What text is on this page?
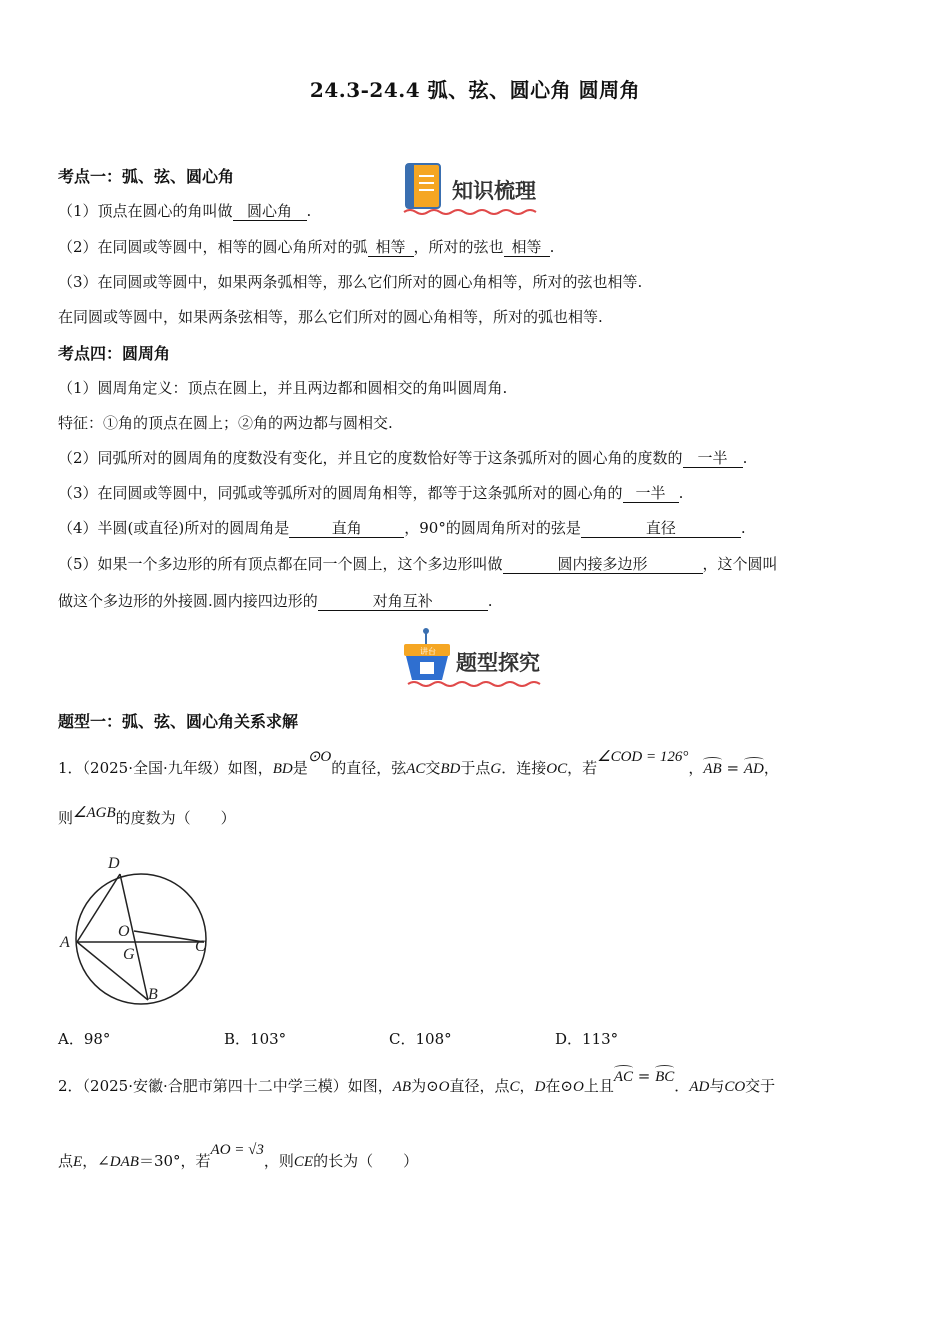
24.3-24.4 弧、弦、圆心角 圆周角
考点一：弧、弦、圆心角
知识梳理
（1）顶点在圆心的角叫做 圆心角 .
（2）在同圆或等圆中，相等的圆心角所对的弧 相等 ，所对的弦也 相等 .
（3）在同圆或等圆中，如果两条弧相等，那么它们所对的圆心角相等，所对的弦也相等.
在同圆或等圆中，如果两条弦相等，那么它们所对的圆心角相等，所对的弧也相等.
考点四：圆周角
（1）圆周角定义：顶点在圆上，并且两边都和圆相交的角叫圆周角.
特征：①角的顶点在圆上；②角的两边都与圆相交.
（2）同弧所对的圆周角的度数没有变化，并且它的度数恰好等于这条弧所对的圆心角的度数的 一半 .
（3）在同圆或等圆中，同弧或等弧所对的圆周角相等，都等于这条弧所对的圆心角的 一半 .
（4）半圆(或直径)所对的圆周角是	直角	，90°的圆周角所对的弦是	直径	.
（5）如果一个多边形的所有顶点都在同一个圆上，这个多边形叫做	圆内接多边形	，这个圆叫
做这个多边形的外接圆.圆内接四边形的	对角互补	.
讲台 题型探究
题型一：弧、弦、圆心角关系求解
1．（2025·全国·九年级）如图，BD是⊙O的直径，弦AC交BD于点G．连接OC，若∠COD = 126°，AB = AD，
则∠AGB的度数为（　　）
D
O
A	C
G
B
A．98°	B．103°	C．108°	D．113°
2．（2025·安徽·合肥市第四十二中学三模）如图，AB为⊙O直径，点C，D在⊙O上且AC = BC．AD与CO交于
点E，∠DAB＝30°，若AO = √3，则CE的长为（　　）
